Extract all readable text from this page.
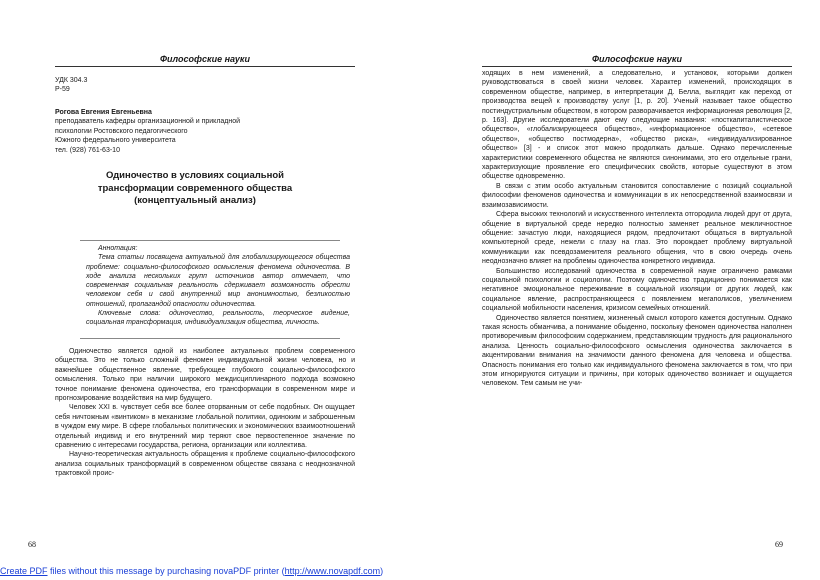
Философские науки
УДК 304.3
Р-59
Рогова Евгения Евгеньевна
преподаватель кафедры организационной и прикладной
психологии Ростовского педагогического
Южного федерального университета
тел. (928) 761-63-10
Одиночество в условиях социальной трансформации современного общества (концептуальный анализ)
Аннотация:

Тема статьи посвящена актуальной для глобализирующегося общества проблеме: социально-философского осмысления феномена одиночества. В ходе анализа нескольких групп источников автор отмечает, что современная социальная реальность сдерживает возможность обрести человеком себя и свой внутренний мир анонимностью, безликостью отношений, пропагандой опасности одиночества.

Ключевые слова: одиночество, реальность, теорческое видение, социальная трансформация, индивидуализация общества, личность.

Одиночество является одной из наиболее актуальных проблем современного общества. Это не только сложный феномен индивидуальной жизни человека, но и важнейшее общественное явление, требующее глубокого социально-философского осмысления. Только при наличии широкого междисциплинарного подхода возможно точное понимание феномена одиночества, его трансформации в современном мире и прогнозирование воздействия на мир будущего.

Человек XXI в. чувствует себя все более оторванным от себе подобных. Он ощущает себя ничтожным «винтиком» в механизме глобальной политики, одиноким и заброшенным в чуждом ему мире. В сфере глобальных политических и экономических взаимоотношений отдельный индивид и его внутренний мир теряют свое первостепенное значение по сравнению с интересами государства, региона, организации или коллектива.

Научно-теоретическая актуальность обращения к проблеме социально-философского анализа социальных трансформаций в современном обществе связана с неоднозначной трактовкой проис-

68
Философские науки

ходящих в нем изменений, а следовательно, и установок, которыми должен руководствоваться в своей жизни человек. Характер изменений, происходящих в современном обществе, например, в интерпретации Д. Белла, выглядит как переход от производства вещей к производству услуг [1, р. 20]. Ученый называет такое общество постиндустриальным обществом, в котором разворачивается информационная революция [2, р. 163]. Другие исследователи дают ему следующие названия: «посткапиталистическое общество», «глобализирующееся общество», «информационное общество», «сетевое общество», «общество постмодерна», «общество риска», «индивидуализированное общество» [3] - и список этот можно продолжать дальше. Однако перечисленные характеристики современного общества не являются синонимами, это его отдельные грани, характеризующие проявление его специфических свойств, которые существуют в этом обществе одновременно.

В связи с этим особо актуальным становится сопоставление с позиций социальной философии феноменов одиночества и коммуникации в их непосредственной взаимосвязи и взаимозависимости.

Сфера высоких технологий и искусственного интеллекта отгородила людей друг от друга, общение в виртуальной среде нередко полностью заменяет реальное межличностное общение: зачастую люди, находящиеся рядом, предпочитают общаться в виртуальной компьютерной среде, нежели с глазу на глаз. Это порождает проблему виртуальной коммуникации как псевдозаменителя реального общения, что в свою очередь очень неоднозначно влияет на проблемы одиночества конкретного индивида.

Большинство исследований одиночества в современной науке ограничено рамками социальной психологии и социологии. Поэтому одиночество традиционно понимается как негативное эмоциональное переживание в социальной изоляции от других людей, как социальное явление, распространяющееся с появлением мегаполисов, увеличением социальной мобильности населения, кризисом семейных отношений.

Одиночество является понятием, жизненный смысл которого кажется доступным. Однако такая ясность обманчива, а понимание обыденно, поскольку феномен одиночества наполнен противоречивым философским содержанием, представляющим трудность для рационального анализа. Ценность социально-философского осмысления одиночества заключается в акцентировании внимания на значимости данного феномена для человека и общества. Опасность понимания его только как индивидуального феномена заключается в том, что при этом игнорируются ситуации и причины, при которых одиночество возникает и ощущается человеком. Тем самым не учи-

69
Create PDF files without this message by purchasing novaPDF printer (http://www.novapdf.com)
